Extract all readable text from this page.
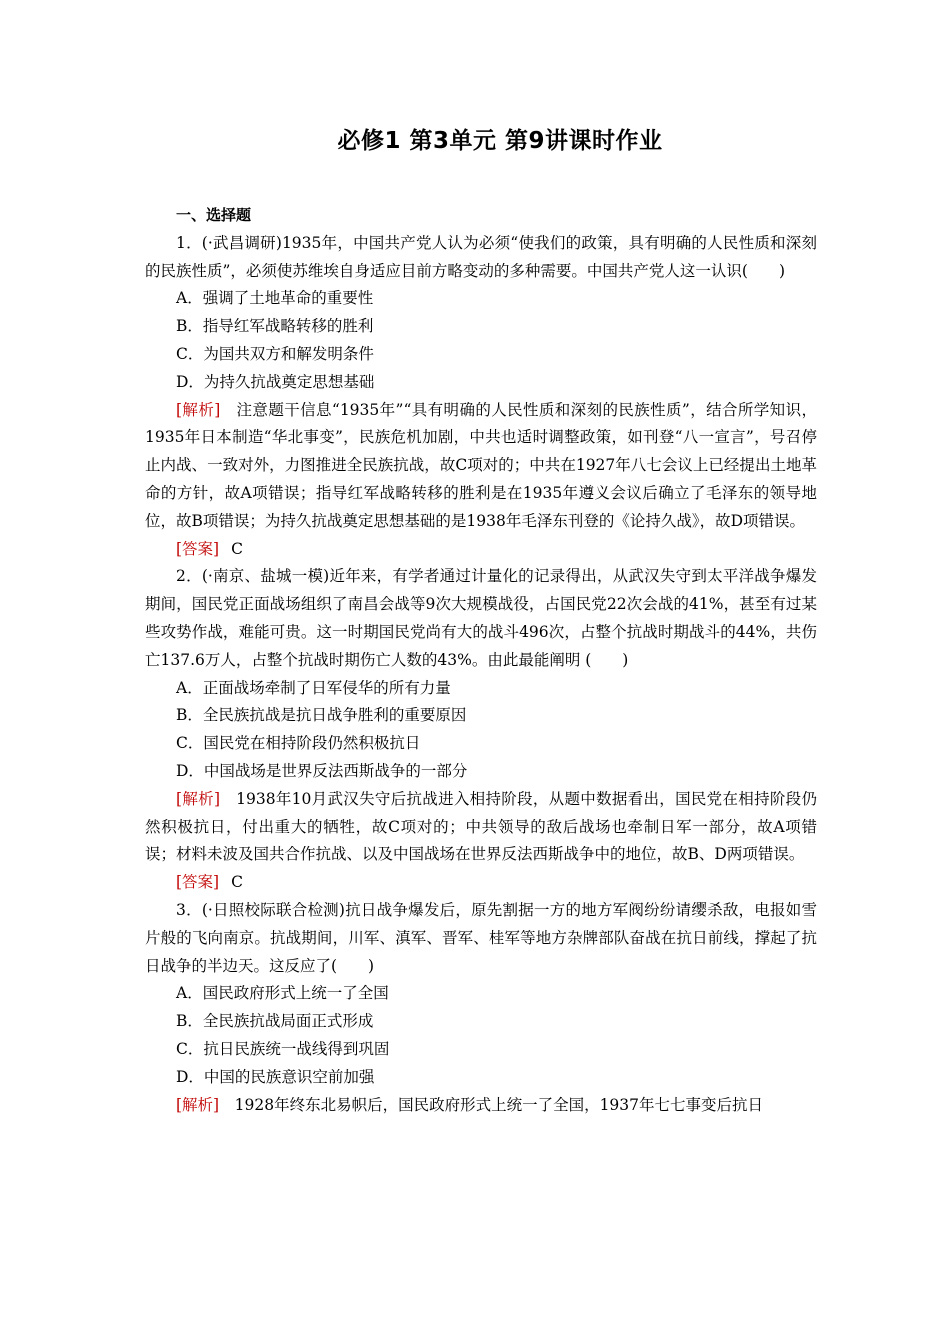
必修1 第3单元 第9讲课时作业

一、选择题

1．(·武昌调研)1935年，中国共产党人认为必须“使我们的政策，具有明确的人民性质和深刻的民族性质”，必须使苏维埃自身适应目前方略变动的多种需要。中国共产党人这一认识(　　)

A．强调了土地革命的重要性

B．指导红军战略转移的胜利

C．为国共双方和解发明条件

D．为持久抗战奠定思想基础

[解析]　 注意题干信息“1935年”“具有明确的人民性质和深刻的民族性质”，结合所学知识，1935年日本制造“华北事变”，民族危机加剧，中共也适时调整政策，如刊登“八一宣言”，号召停止内战、一致对外，力图推进全民族抗战，故C项对的；中共在1927年八七会议上已经提出土地革命的方针，故A项错误；指导红军战略转移的胜利是在1935年遵义会议后确立了毛泽东的领导地位，故B项错误；为持久抗战奠定思想基础的是1938年毛泽东刊登的《论持久战》，故D项错误。

[答案] C

2．(·南京、盐城一模)近年来，有学者通过计量化的记录得出，从武汉失守到太平洋战争爆发期间，国民党正面战场组织了南昌会战等9次大规模战役，占国民党22次会战的41%，甚至有过某些攻势作战，难能可贵。这一时期国民党尚有大的战斗496次，占整个抗战时期战斗的44%，共伤亡137.6万人，占整个抗战时期伤亡人数的43%。由此最能阐明 (　　)

A．正面战场牵制了日军侵华的所有力量

B．全民族抗战是抗日战争胜利的重要原因

C．国民党在相持阶段仍然积极抗日

D．中国战场是世界反法西斯战争的一部分

[解析]　 1938年10月武汉失守后抗战进入相持阶段，从题中数据看出，国民党在相持阶段仍然积极抗日，付出重大的牺牲，故C项对的；中共领导的敌后战场也牵制日军一部分，故A项错误；材料未波及国共合作抗战、以及中国战场在世界反法西斯战争中的地位，故B、D两项错误。

[答案] C

3．(·日照校际联合检测)抗日战争爆发后，原先割据一方的地方军阀纷纷请缨杀敌，电报如雪片般的飞向南京。抗战期间，川军、滇军、晋军、桂军等地方杂牌部队奋战在抗日前线，撑起了抗日战争的半边天。这反应了(　　)

A．国民政府形式上统一了全国

B．全民族抗战局面正式形成

C．抗日民族统一战线得到巩固

D．中国的民族意识空前加强

[解析]　 1928年终东北易帜后，国民政府形式上统一了全国，1937年七七事变后抗日
